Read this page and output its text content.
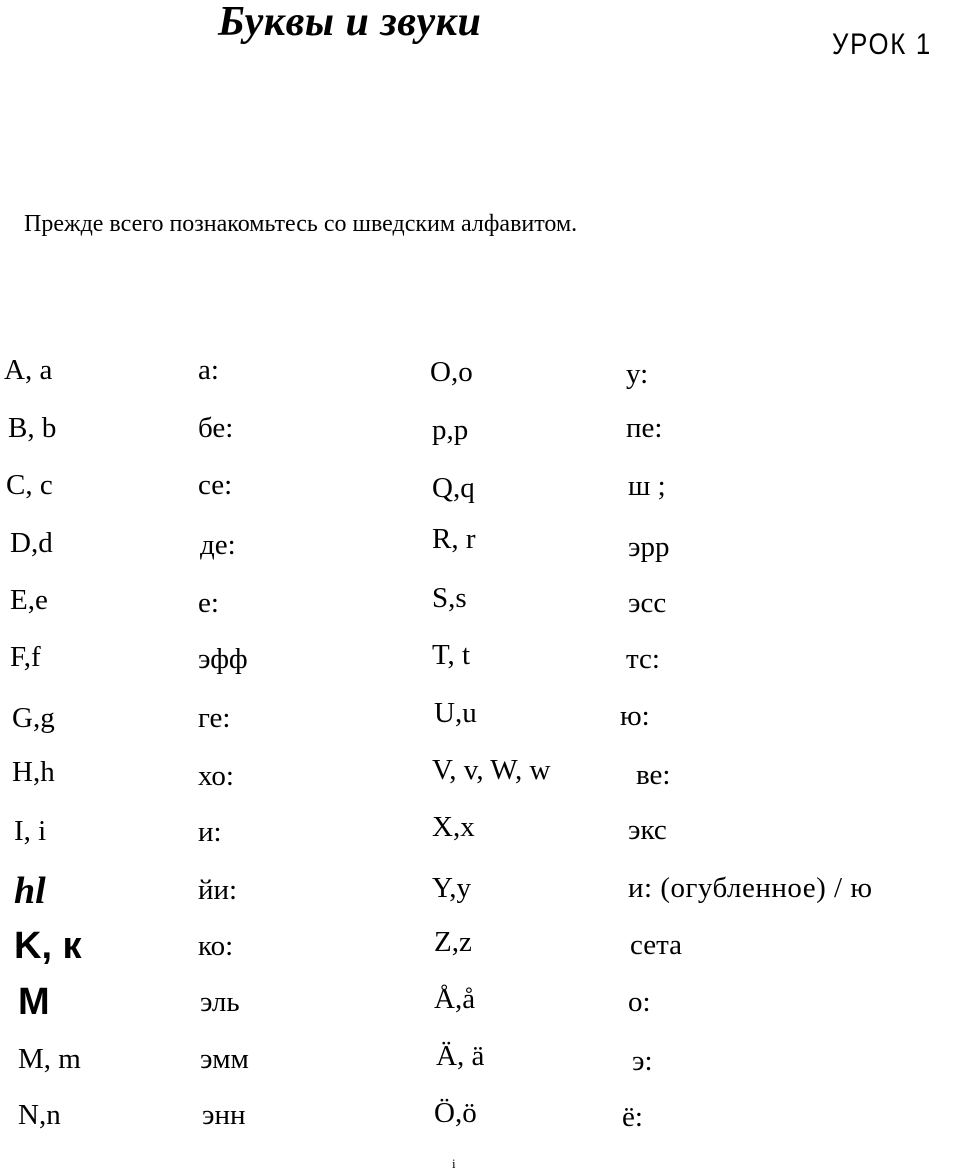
Буквы и звуки	УРОК 1
Прежде всего познакомьтесь со шведским алфавитом.
A, a
B, b
C, c
D,d
E,e
F,f
G,g
H,h
I, i
hl
K, к
M
M, m
N,n
a:
бе:
се:
де:
е:
эфф
ге:
хо:
и:
йи:
ко:
эль
эмм
энн
O,o
p,p
Q,q
R, r
S,s
T, t
U,u
V, v, W, w
X,x
Y,y
Z,z
Å,å
Ä, ä
Ö,ö
у:
пе:
ш ;
эрр
эсс
тс:
ю:
ве:
экс
и: (огубленное) / ю
сета
о:
э:
ё:
i
